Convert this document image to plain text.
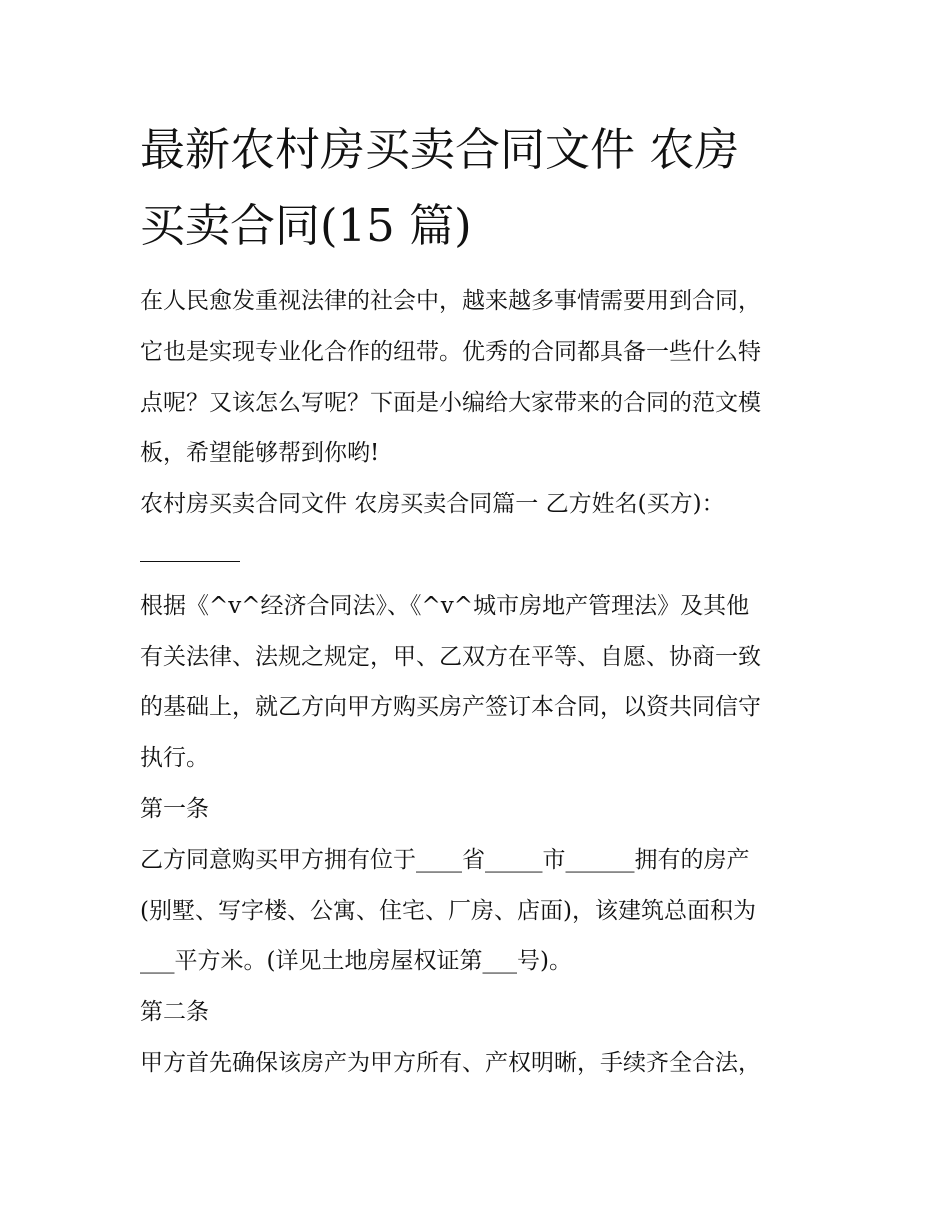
最新农村房买卖合同文件 农房
买卖合同(15 篇)
在人民愈发重视法律的社会中，越来越多事情需要用到合同，
它也是实现专业化合作的纽带。优秀的合同都具备一些什么特
点呢？又该怎么写呢？下面是小编给大家带来的合同的范文模
板，希望能够帮到你哟!
农村房买卖合同文件 农房买卖合同篇一 乙方姓名(买方)：
根据《^v^经济合同法》、《^v^城市房地产管理法》及其他
有关法律、法规之规定，甲、乙双方在平等、自愿、协商一致
的基础上，就乙方向甲方购买房产签订本合同，以资共同信守
执行。
第一条
乙方同意购买甲方拥有位于____省_____市______拥有的房产
(别墅、写字楼、公寓、住宅、厂房、店面)，该建筑总面积为
___平方米。(详见土地房屋权证第___号)。
第二条
甲方首先确保该房产为甲方所有、产权明晰，手续齐全合法，
